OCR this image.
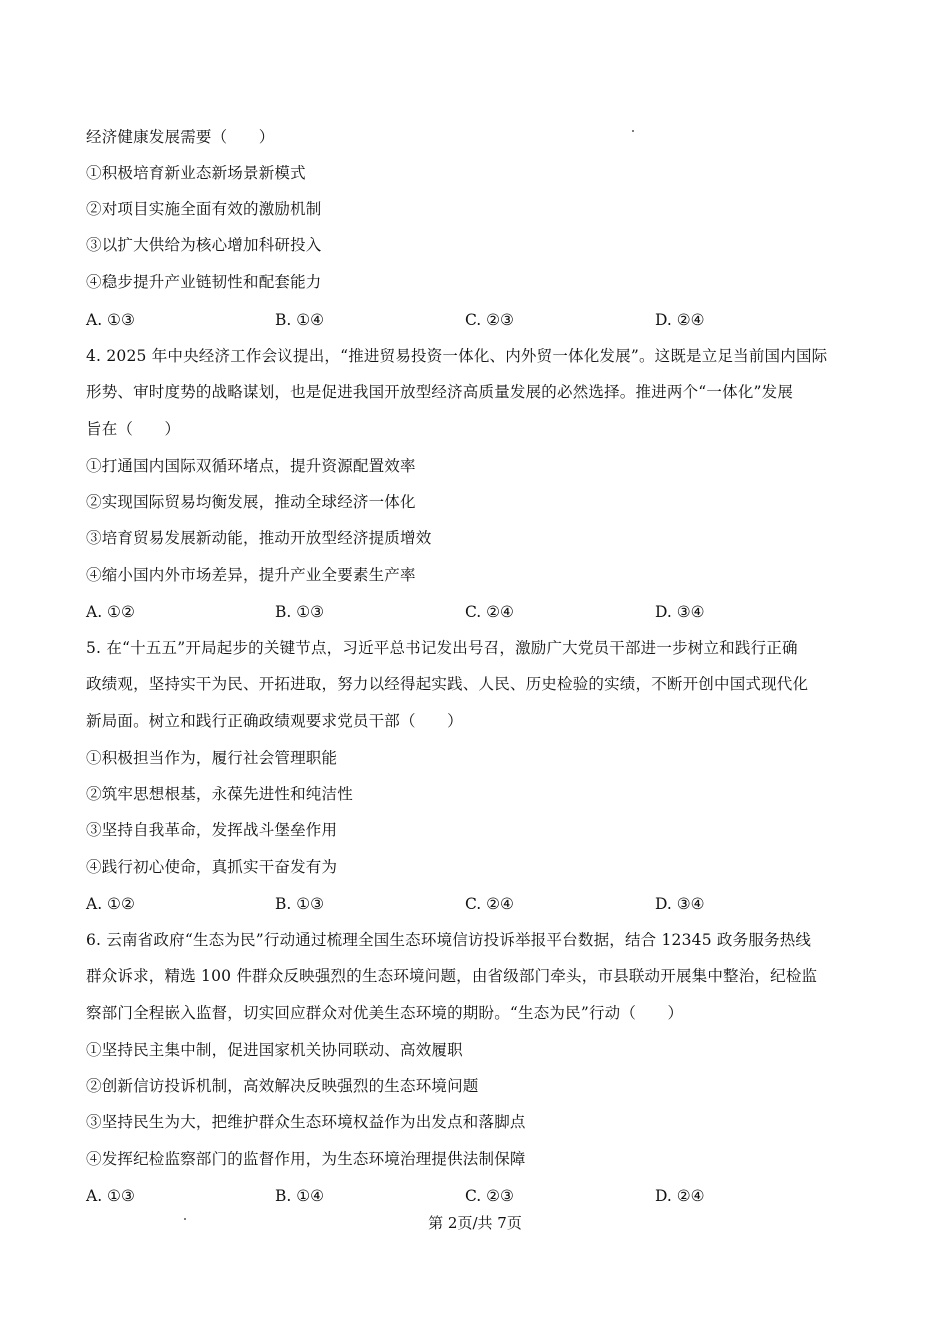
经济健康发展需要（　　）
①积极培育新业态新场景新模式
②对项目实施全面有效的激励机制
③以扩大供给为核心增加科研投入
④稳步提升产业链韧性和配套能力
A. ①③	B. ①④	C. ②③	D. ②④
4. 2025 年中央经济工作会议提出，“推进贸易投资一体化、内外贸一体化发展”。这既是立足当前国内国际
形势、审时度势的战略谋划，也是促进我国开放型经济高质量发展的必然选择。推进两个“一体化”发展
旨在（　　）
①打通国内国际双循环堵点，提升资源配置效率
②实现国际贸易均衡发展，推动全球经济一体化
③培育贸易发展新动能，推动开放型经济提质增效
④缩小国内外市场差异，提升产业全要素生产率
A. ①②	B. ①③	C. ②④	D. ③④
5. 在“十五五”开局起步的关键节点，习近平总书记发出号召，激励广大党员干部进一步树立和践行正确
政绩观，坚持实干为民、开拓进取，努力以经得起实践、人民、历史检验的实绩，不断开创中国式现代化
新局面。树立和践行正确政绩观要求党员干部（　　）
①积极担当作为，履行社会管理职能
②筑牢思想根基，永葆先进性和纯洁性
③坚持自我革命，发挥战斗堡垒作用
④践行初心使命，真抓实干奋发有为
A. ①②	B. ①③	C. ②④	D. ③④
6. 云南省政府“生态为民”行动通过梳理全国生态环境信访投诉举报平台数据，结合 12345 政务服务热线
群众诉求，精选 100 件群众反映强烈的生态环境问题，由省级部门牵头，市县联动开展集中整治，纪检监
察部门全程嵌入监督，切实回应群众对优美生态环境的期盼。“生态为民”行动（　　）
①坚持民主集中制，促进国家机关协同联动、高效履职
②创新信访投诉机制，高效解决反映强烈的生态环境问题
③坚持民生为大，把维护群众生态环境权益作为出发点和落脚点
④发挥纪检监察部门的监督作用，为生态环境治理提供法制保障
A. ①③	B. ①④	C. ②③	D. ②④
第 2页/共 7页
